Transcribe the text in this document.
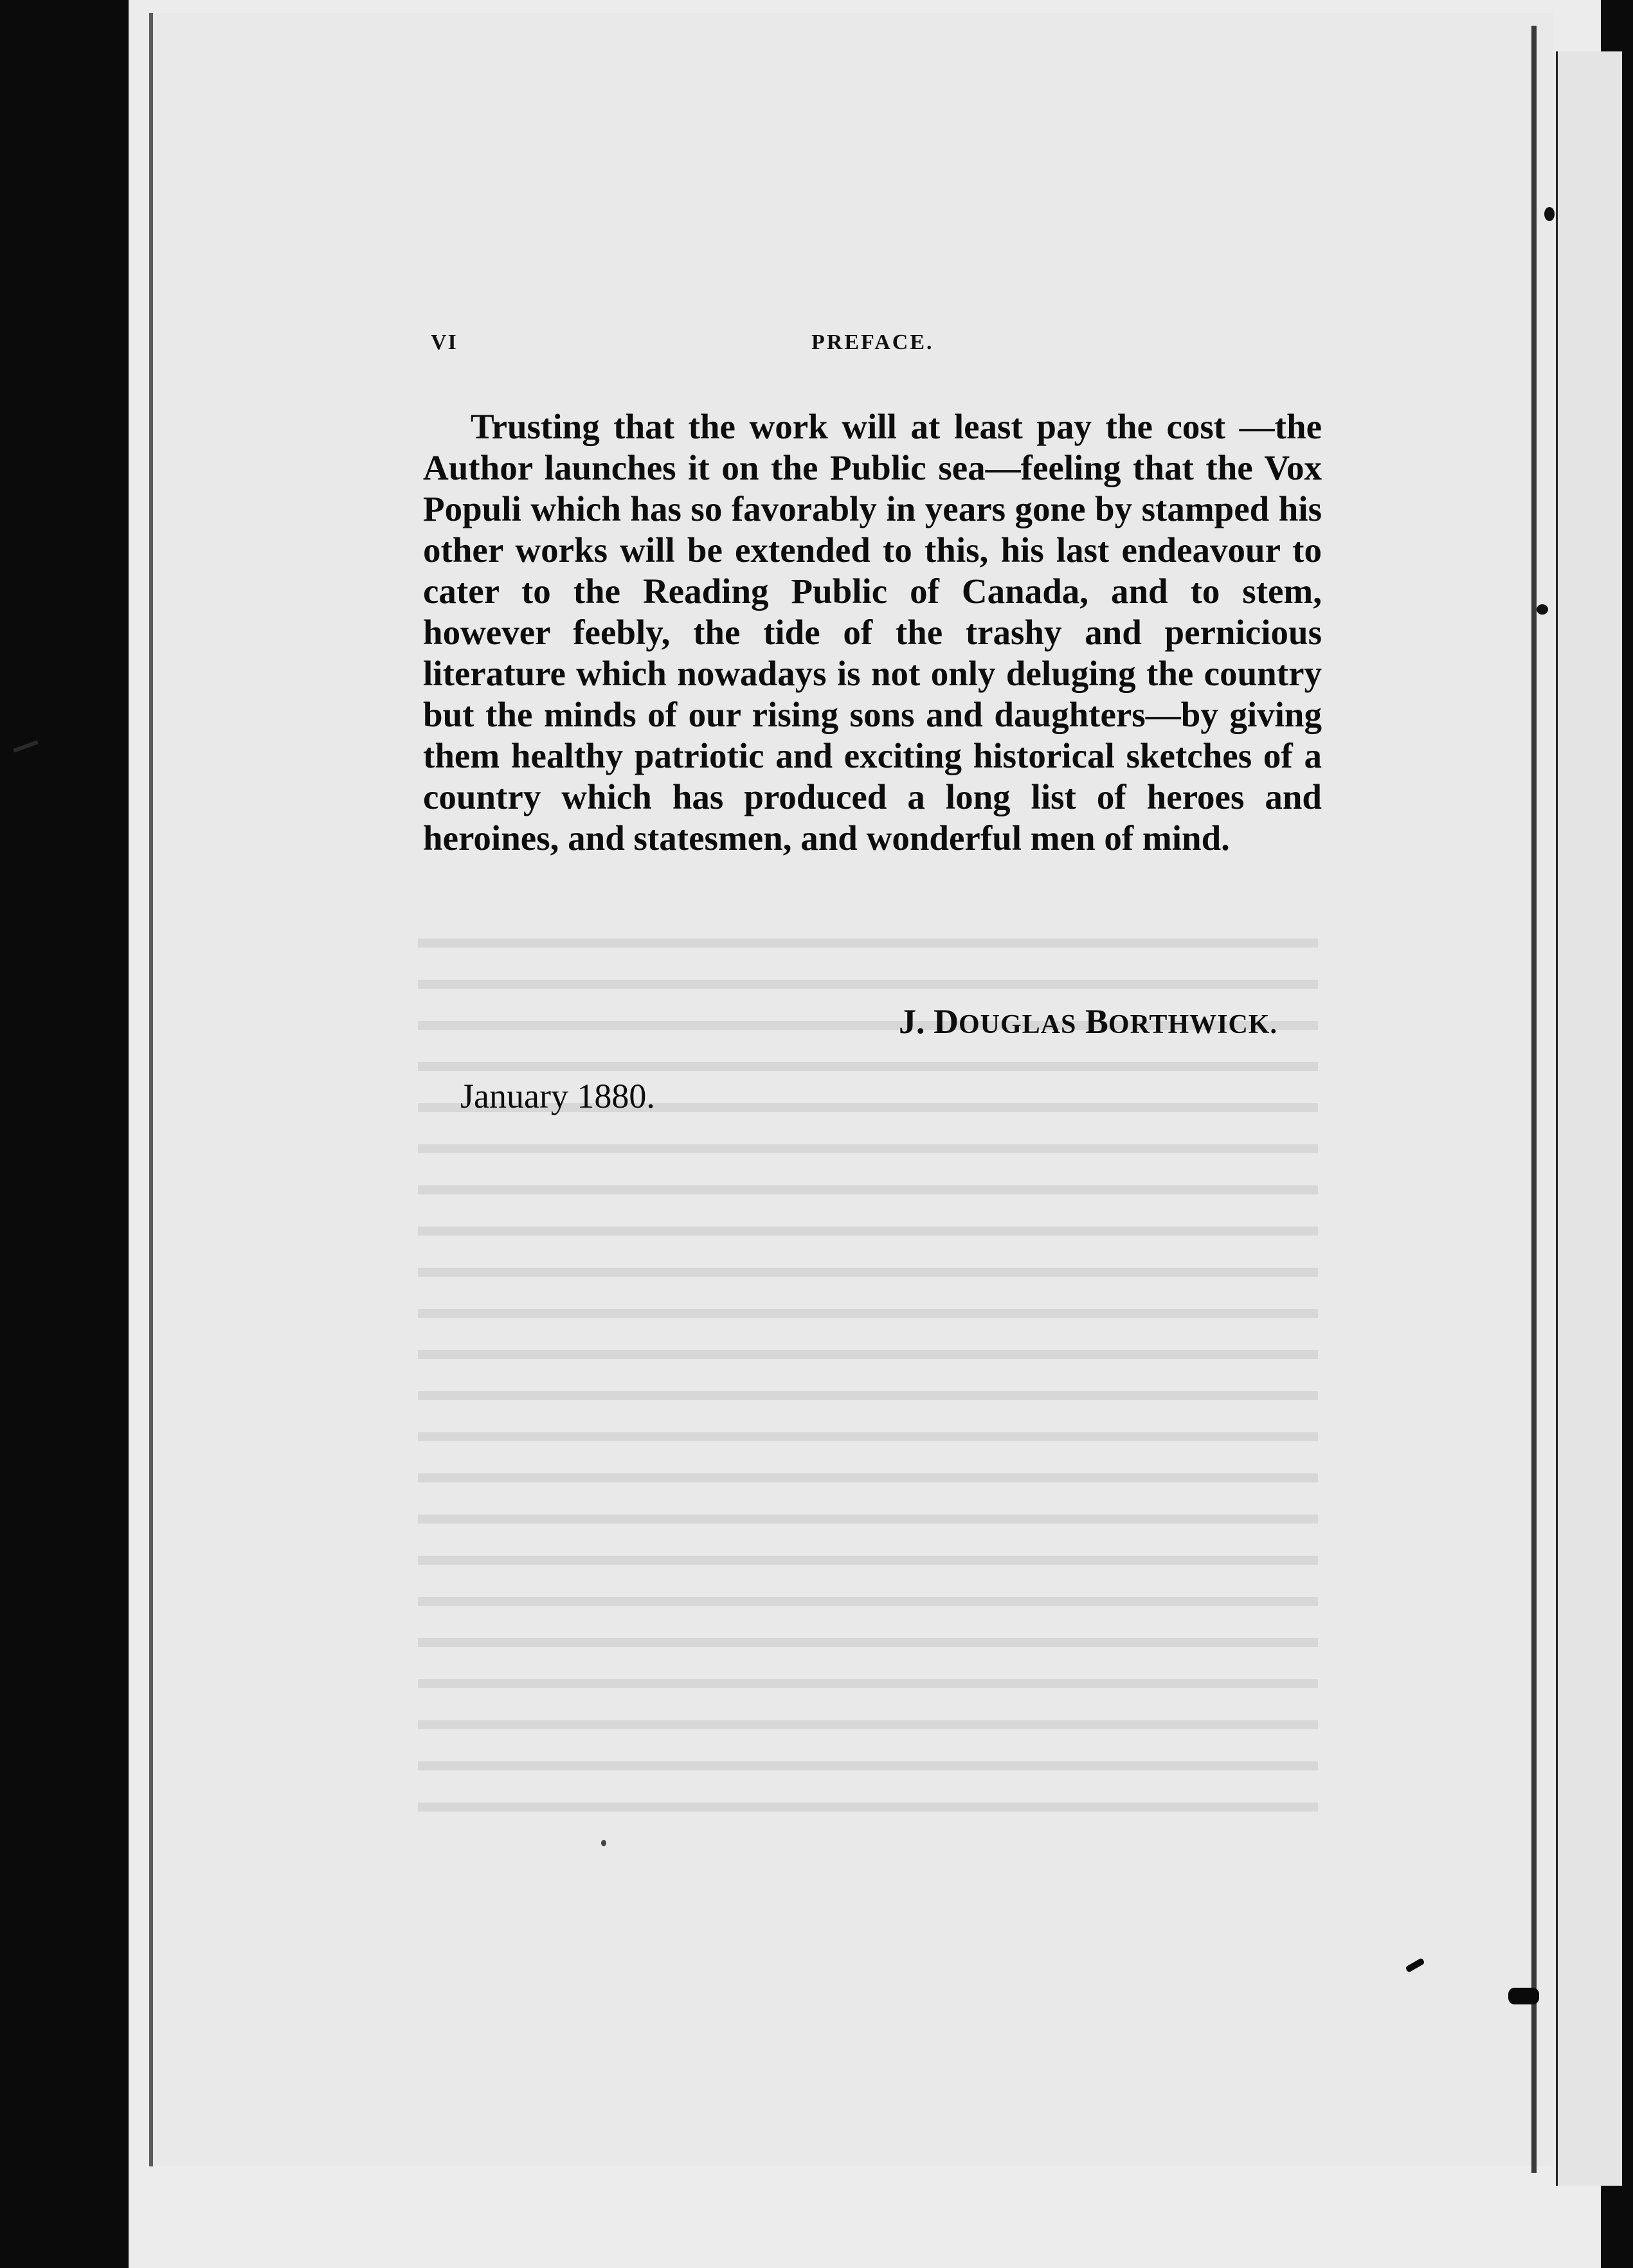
VI	PREFACE.

Trusting that the work will at least pay the cost —the Author launches it on the Public sea—feeling that the Vox Populi which has so favorably in years gone by stamped his other works will be extended to this, his last endeavour to cater to the Reading Public of Canada, and to stem, however feebly, the tide of the trashy and pernicious literature which nowadays is not only deluging the country but the minds of our rising sons and daughters—by giving them healthy patriotic and exciting historical sketches of a country which has produced a long list of heroes and heroines, and statesmen, and wonderful men of mind.

J. DOUGLAS BORTHWICK.
January 1880.
